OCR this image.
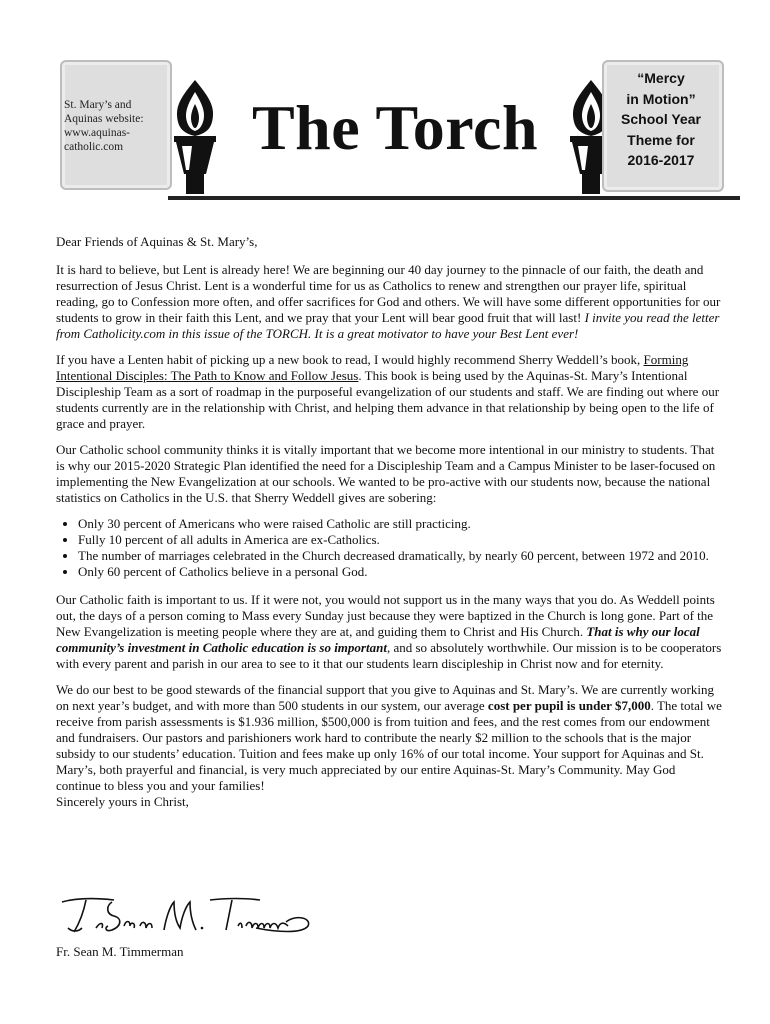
St. Mary’s and Aquinas website: www.aquinas-catholic.com	The Torch
“Mercy
in Motion”
School Year
Theme for
2016-2017

Dear Friends of Aquinas & St. Mary’s,

It is hard to believe, but Lent is already here! We are beginning our 40 day journey to the pinnacle of our faith, the death and resurrection of Jesus Christ. Lent is a wonderful time for us as Catholics to renew and strengthen our prayer life, spiritual reading, go to Confession more often, and offer sacrifices for God and others. We will have some different opportunities for our students to grow in their faith this Lent, and we pray that your Lent will bear good fruit that will last! I invite you read the letter from Catholicity.com in this issue of the TORCH. It is a great motivator to have your Best Lent ever!

If you have a Lenten habit of picking up a new book to read, I would highly recommend Sherry Weddell’s book, Forming Intentional Disciples: The Path to Know and Follow Jesus. This book is being used by the Aquinas-St. Mary’s Intentional Discipleship Team as a sort of roadmap in the purposeful evangelization of our students and staff. We are finding out where our students currently are in the relationship with Christ, and helping them advance in that relationship by being open to the life of grace and prayer.

Our Catholic school community thinks it is vitally important that we become more intentional in our ministry to students. That is why our 2015-2020 Strategic Plan identified the need for a Discipleship Team and a Campus Minister to be laser-focused on implementing the New Evangelization at our schools. We wanted to be pro-active with our students now, because the national statistics on Catholics in the U.S. that Sherry Weddell gives are sobering:

• Only 30 percent of Americans who were raised Catholic are still practicing.
• Fully 10 percent of all adults in America are ex-Catholics.
• The number of marriages celebrated in the Church decreased dramatically, by nearly 60 percent, between 1972 and 2010.
• Only 60 percent of Catholics believe in a personal God.

Our Catholic faith is important to us. If it were not, you would not support us in the many ways that you do. As Weddell points out, the days of a person coming to Mass every Sunday just because they were baptized in the Church is long gone. Part of the New Evangelization is meeting people where they are at, and guiding them to Christ and His Church. That is why our local community’s investment in Catholic education is so important, and so absolutely worthwhile. Our mission is to be cooperators with every parent and parish in our area to see to it that our students learn discipleship in Christ now and for eternity.

We do our best to be good stewards of the financial support that you give to Aquinas and St. Mary’s. We are currently working on next year’s budget, and with more than 500 students in our system, our average cost per pupil is under $7,000. The total we receive from parish assessments is $1.936 million, $500,000 is from tuition and fees, and the rest comes from our endowment and fundraisers. Our pastors and parishioners work hard to contribute the nearly $2 million to the schools that is the major subsidy to our students’ education. Tuition and fees make up only 16% of our total income. Your support for Aquinas and St. Mary’s, both prayerful and financial, is very much appreciated by our entire Aquinas-St. Mary’s Community. May God continue to bless you and your families!
Sincerely yours in Christ,

Fr. Sean M. Timmerman
